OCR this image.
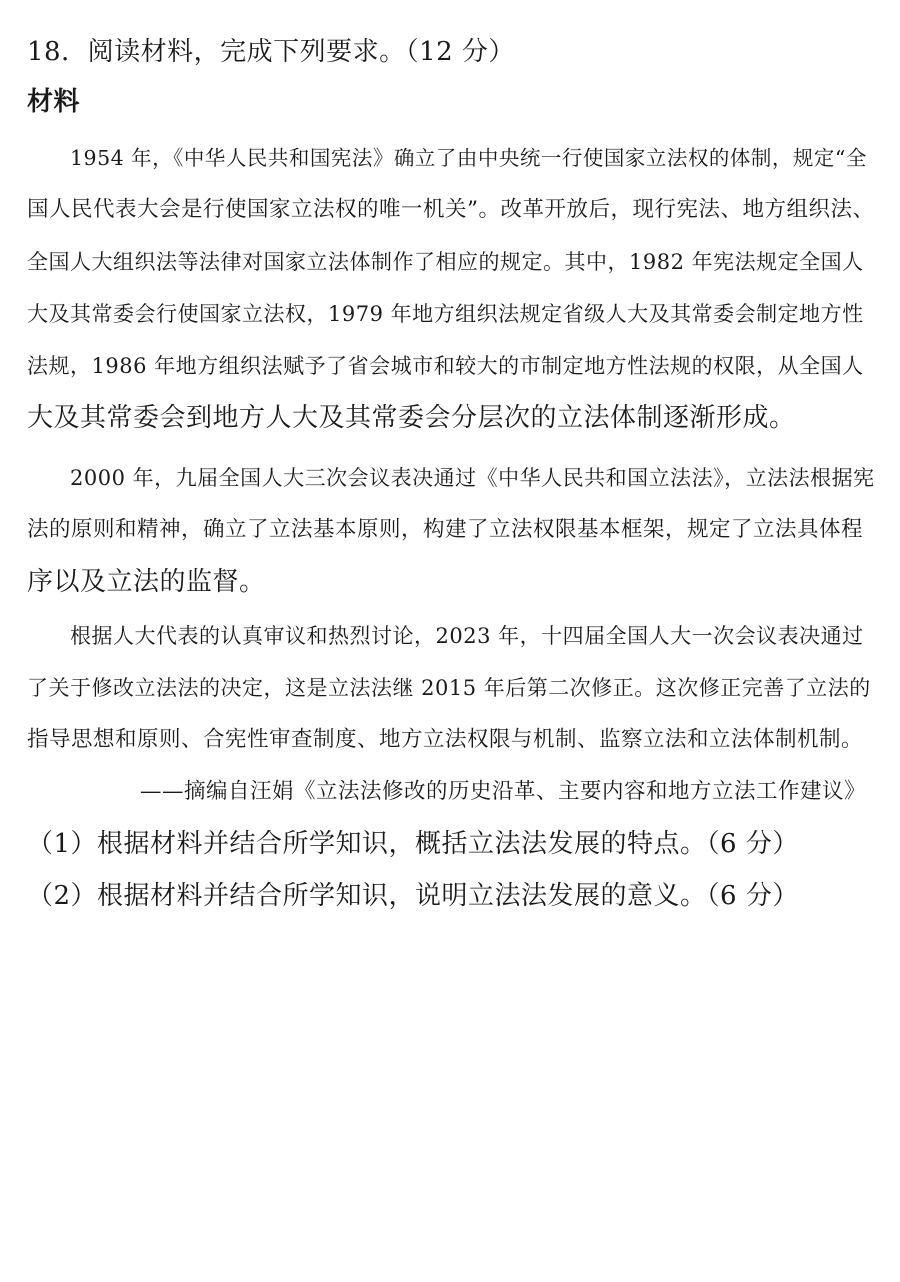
18．阅读材料，完成下列要求。（12 分）
材料
1954 年，《中华人民共和国宪法》确立了由中央统一行使国家立法权的体制，规定“全
国人民代表大会是行使国家立法权的唯一机关”。改革开放后，现行宪法、地方组织法、
全国人大组织法等法律对国家立法体制作了相应的规定。其中，1982 年宪法规定全国人
大及其常委会行使国家立法权，1979 年地方组织法规定省级人大及其常委会制定地方性
法规，1986 年地方组织法赋予了省会城市和较大的市制定地方性法规的权限，从全国人
大及其常委会到地方人大及其常委会分层次的立法体制逐渐形成。
2000 年，九届全国人大三次会议表决通过《中华人民共和国立法法》，立法法根据宪
法的原则和精神，确立了立法基本原则，构建了立法权限基本框架，规定了立法具体程
序以及立法的监督。
根据人大代表的认真审议和热烈讨论，2023 年，十四届全国人大一次会议表决通过
了关于修改立法法的决定，这是立法法继 2015 年后第二次修正。这次修正完善了立法的
指导思想和原则、合宪性审查制度、地方立法权限与机制、监察立法和立法体制机制。
——摘编自汪娟《立法法修改的历史沿革、主要内容和地方立法工作建议》
（1）根据材料并结合所学知识，概括立法法发展的特点。（6 分）
（2）根据材料并结合所学知识，说明立法法发展的意义。（6 分）
